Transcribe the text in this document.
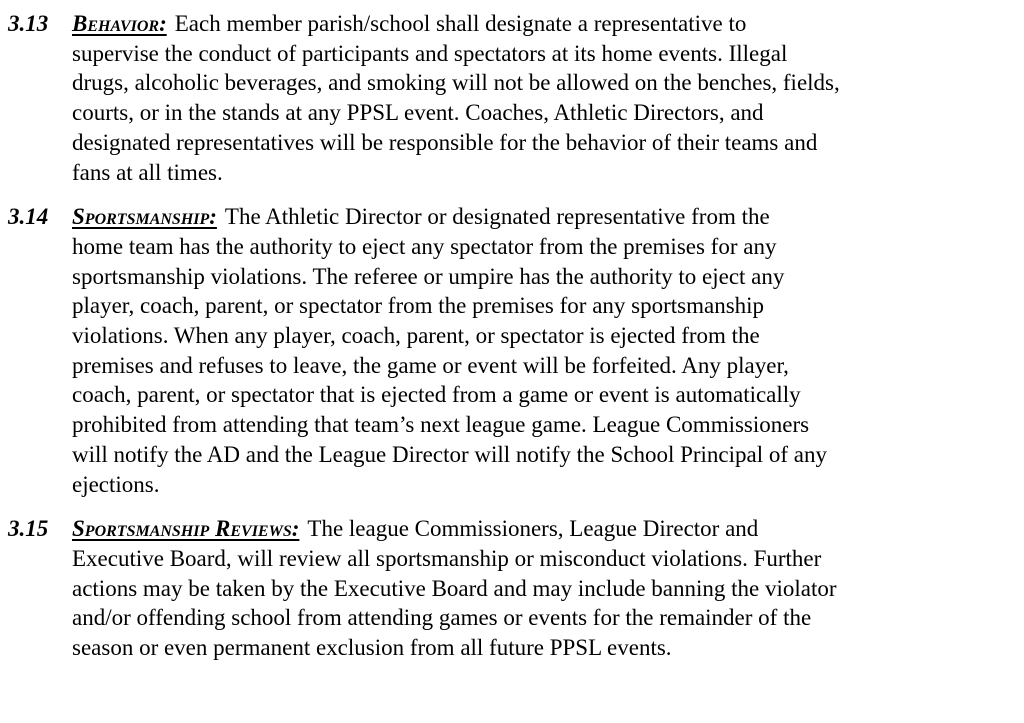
3.13 Behavior: Each member parish/school shall designate a representative to
supervise the conduct of participants and spectators at its home events. Illegal
drugs, alcoholic beverages, and smoking will not be allowed on the benches, fields,
courts, or in the stands at any PPSL event. Coaches, Athletic Directors, and
designated representatives will be responsible for the behavior of their teams and
fans at all times.
3.14 Sportsmanship: The Athletic Director or designated representative from the
home team has the authority to eject any spectator from the premises for any
sportsmanship violations. The referee or umpire has the authority to eject any
player, coach, parent, or spectator from the premises for any sportsmanship
violations. When any player, coach, parent, or spectator is ejected from the
premises and refuses to leave, the game or event will be forfeited. Any player,
coach, parent, or spectator that is ejected from a game or event is automatically
prohibited from attending that team’s next league game. League Commissioners
will notify the AD and the League Director will notify the School Principal of any
ejections.
3.15 Sportsmanship Reviews: The league Commissioners, League Director and
Executive Board, will review all sportsmanship or misconduct violations. Further
actions may be taken by the Executive Board and may include banning the violator
and/or offending school from attending games or events for the remainder of the
season or even permanent exclusion from all future PPSL events.
